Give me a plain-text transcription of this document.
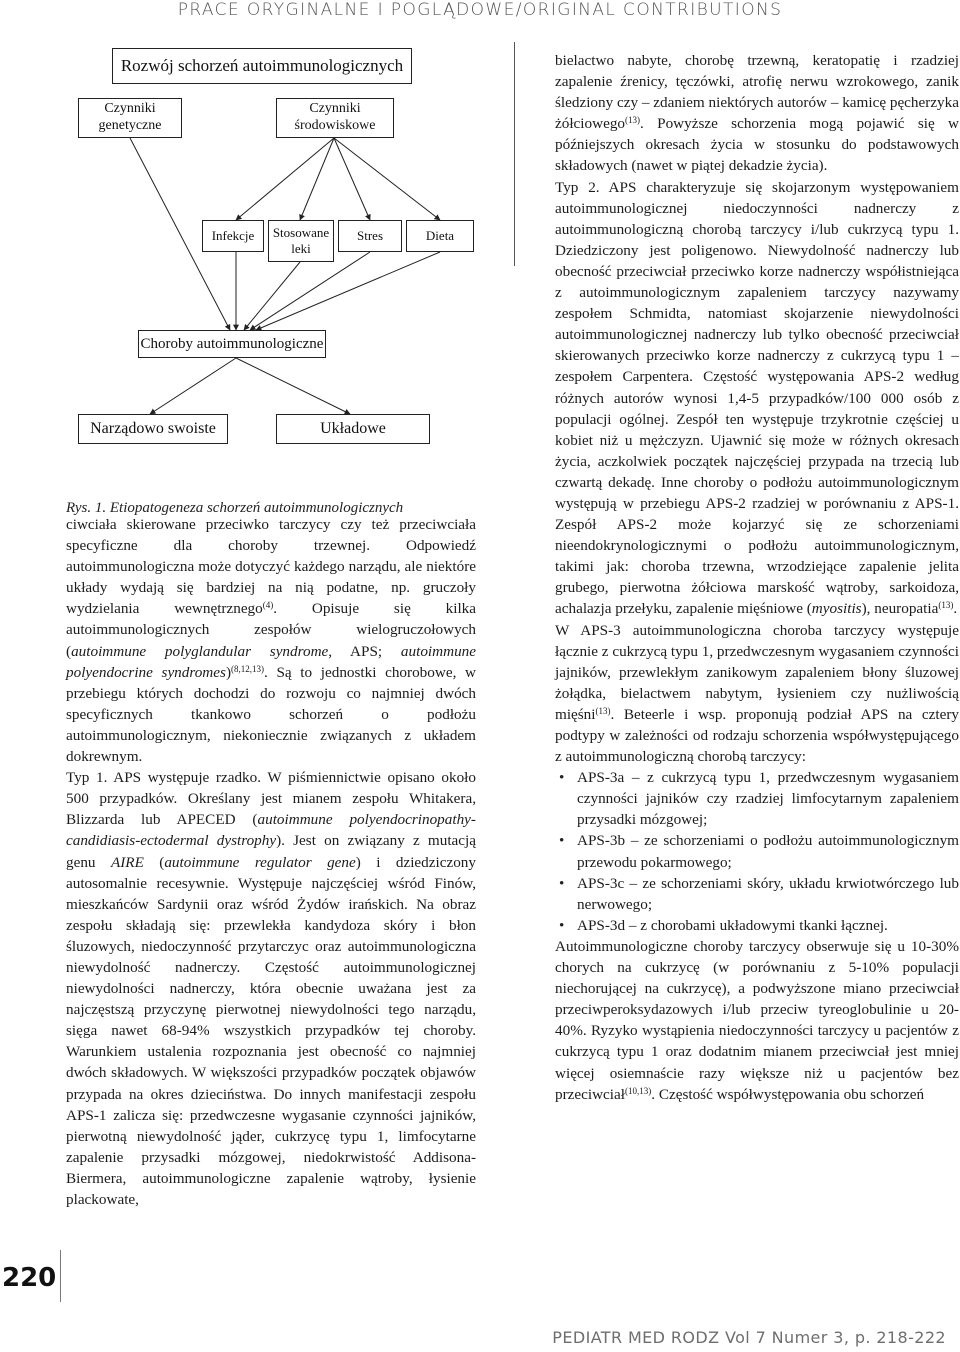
PRACE ORYGINALNE I POGLĄDOWE/ORIGINAL CONTRIBUTIONS
Rozwój schorzeń autoimmunologicznych
Czynniki genetyczne
Czynniki środowiskowe
Infekcje	Stosowane leki
Stres	Dieta
Choroby autoimmunologiczne
Narządowo swoiste	Układowe
Rys. 1. Etiopatogeneza schorzeń autoimmunologicznych

ciwciała skierowane przeciwko tarczycy czy też przeciwciała specyficzne dla choroby trzewnej. Odpowiedź autoimmunologiczna może dotyczyć każdego narządu, ale niektóre układy wydają się bardziej na nią podatne, np. gruczoły wydzielania wewnętrznego$^{(4)}$. Opisuje się kilka autoimmunologicznych zespołów wielogruczołowych (autoimmune polyglandular syndrome, APS; autoimmune polyendocrine syndromes)$^{(8,12,13)}$. Są to jednostki chorobowe, w przebiegu których dochodzi do rozwoju co najmniej dwóch specyficznych tkankowo schorzeń o podłożu autoimmunologicznym, niekoniecznie związanych z układem dokrewnym.

Typ 1. APS występuje rzadko. W piśmiennictwie opisano około 500 przypadków. Określany jest mianem zespołu Whitakera, Blizzarda lub APECED (autoimmune polyendocrinopathy-candidiasis-ectodermal dystrophy). Jest on związany z mutacją genu AIRE (autoimmune regulator gene) i dziedziczony autosomalnie recesywnie. Występuje najczęściej wśród Finów, mieszkańców Sardynii oraz wśród Żydów irańskich. Na obraz zespołu składają się: przewlekła kandydoza skóry i błon śluzowych, niedoczynność przytarczyc oraz autoimmunologiczna niewydolność nadnerczy. Częstość autoimmunologicznej niewydolności nadnerczy, która obecnie uważana jest za najczęstszą przyczynę pierwotnej niewydolności tego narządu, sięga nawet 68-94% wszystkich przypadków tej choroby. Warunkiem ustalenia rozpoznania jest obecność co najmniej dwóch składowych. W większości przypadków początek objawów przypada na okres dzieciństwa. Do innych manifestacji zespołu APS-1 zalicza się: przedwczesne wygasanie czynności jajników, pierwotną niewydolność jąder, cukrzycę typu 1, limfocytarne zapalenie przysadki mózgowej, niedokrwistość Addisona-Biermera, autoimmunologiczne zapalenie wątroby, łysienie plackowate,

bielactwo nabyte, chorobę trzewną, keratopatię i rzadziej zapalenie źrenicy, tęczówki, atrofię nerwu wzrokowego, zanik śledziony czy – zdaniem niektórych autorów – kamicę pęcherzyka żółciowego$^{(13)}$. Powyższe schorzenia mogą pojawić się w późniejszych okresach życia w stosunku do podstawowych składowych (nawet w piątej dekadzie życia).

Typ 2. APS charakteryzuje się skojarzonym występowaniem autoimmunologicznej niedoczynności nadnerczy z autoimmunologiczną chorobą tarczycy i/lub cukrzycą typu 1. Dziedziczony jest poligenowo. Niewydolność nadnerczy lub obecność przeciwciał przeciwko korze nadnerczy współistniejąca z autoimmunologicznym zapaleniem tarczycy nazywamy zespołem Schmidta, natomiast skojarzenie niewydolności autoimmunologicznej nadnerczy lub tylko obecność przeciwciał skierowanych przeciwko korze nadnerczy z cukrzycą typu 1 – zespołem Carpentera. Częstość występowania APS-2 według różnych autorów wynosi 1,4-5 przypadków/100 000 osób z populacji ogólnej. Zespół ten występuje trzykrotnie częściej u kobiet niż u mężczyzn. Ujawnić się może w różnych okresach życia, aczkolwiek początek najczęściej przypada na trzecią lub czwartą dekadę. Inne choroby o podłożu autoimmunologicznym występują w przebiegu APS-2 rzadziej w porównaniu z APS-1. Zespół APS-2 może kojarzyć się ze schorzeniami nieendokrynologicznymi o podłożu autoimmunologicznym, takimi jak: choroba trzewna, wrzodziejące zapalenie jelita grubego, pierwotna żółciowa marskość wątroby, sarkoidoza, achalazja przełyku, zapalenie mięśniowe (myositis), neuropatia$^{(13)}$.

W APS-3 autoimmunologiczna choroba tarczycy występuje łącznie z cukrzycą typu 1, przedwczesnym wygasaniem czynności jajników, przewlekłym zanikowym zapaleniem błony śluzowej żołądka, bielactwem nabytym, łysieniem czy nużliwością mięśni$^{(13)}$. Beteerle i wsp. proponują podział APS na cztery podtypy w zależności od rodzaju schorzenia współwystępującego z autoimmunologiczną chorobą tarczycy:

• APS-3a – z cukrzycą typu 1, przedwczesnym wygasaniem czynności jajników czy rzadziej limfocytarnym zapaleniem przysadki mózgowej;
• APS-3b – ze schorzeniami o podłożu autoimmunologicznym przewodu pokarmowego;
• APS-3c – ze schorzeniami skóry, układu krwiotwórczego lub nerwowego;
• APS-3d – z chorobami układowymi tkanki łącznej.

Autoimmunologiczne choroby tarczycy obserwuje się u 10-30% chorych na cukrzycę (w porównaniu z 5-10% populacji niechorującej na cukrzycę), a podwyższone miano przeciwciał przeciwperoksydazowych i/lub przeciw tyreoglobulinie u 20-40%. Ryzyko wystąpienia niedoczynności tarczycy u pacjentów z cukrzycą typu 1 oraz dodatnim mianem przeciwciał jest mniej więcej osiemnaście razy większe niż u pacjentów bez przeciwciał$^{(10,13)}$. Częstość współwystępowania obu schorzeń

220
PEDIATR MED RODZ Vol 7 Numer 3, p. 218-222
